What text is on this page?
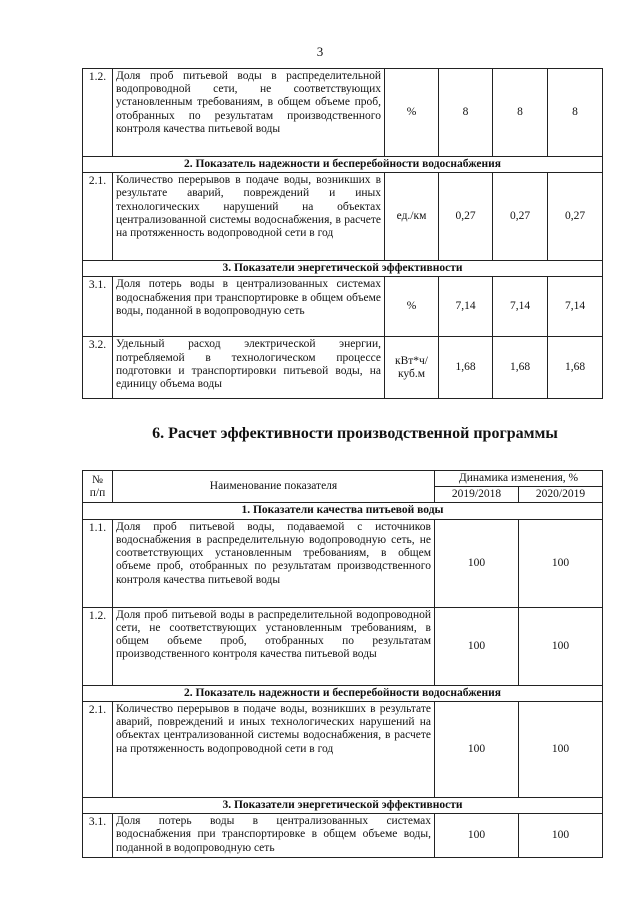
3
1.2.	Доля проб питьевой воды в распределительной водопроводной сети, не соответствующих установленным требованиям, в общем объеме проб, отобранных по результатам производственного контроля качества питьевой воды	%	8	8	8
2. Показатель надежности и бесперебойности водоснабжения					
2.1.	Количество перерывов в подаче воды, возникших в результате аварий, повреждений и иных технологических нарушений на объектах централизованной системы водоснабжения, в расчете на протяженность водопроводной сети в год	ед./км	0,27	0,27	0,27
3. Показатели энергетической эффективности					
3.1.	Доля потерь воды в централизованных системах водоснабжения при транспортировке в общем объеме воды, поданной в водопроводную сеть	%	7,14	7,14	7,14
3.2.	Удельный расход электрической энергии, потребляемой в технологическом процессе подготовки и транспортировки питьевой воды, на единицу объема воды	кВт*ч/куб.м	1,68	1,68	1,68
6. Расчет эффективности производственной программы
№ п/п	Наименование показателя	Динамика изменения, %	
		2019/2018	2020/2019
1. Показатели качества питьевой воды			
1.1.	Доля проб питьевой воды, подаваемой с источников водоснабжения в распределительную водопроводную сеть, не соответствующих установленным требованиям, в общем объеме проб, отобранных по результатам производственного контроля качества питьевой воды	100	100
1.2.	Доля проб питьевой воды в распределительной водопроводной сети, не соответствующих установленным требованиям, в общем объеме проб, отобранных по результатам производственного контроля качества питьевой воды	100	100
2. Показатель надежности и бесперебойности водоснабжения			
2.1.	Количество перерывов в подаче воды, возникших в результате аварий, повреждений и иных технологических нарушений на объектах централизованной системы водоснабжения, в расчете на протяженность водопроводной сети в год	100	100
3. Показатели энергетической эффективности			
3.1.	Доля потерь воды в централизованных системах водоснабжения при транспортировке в общем объеме воды, поданной в водопроводную сеть	100	100
